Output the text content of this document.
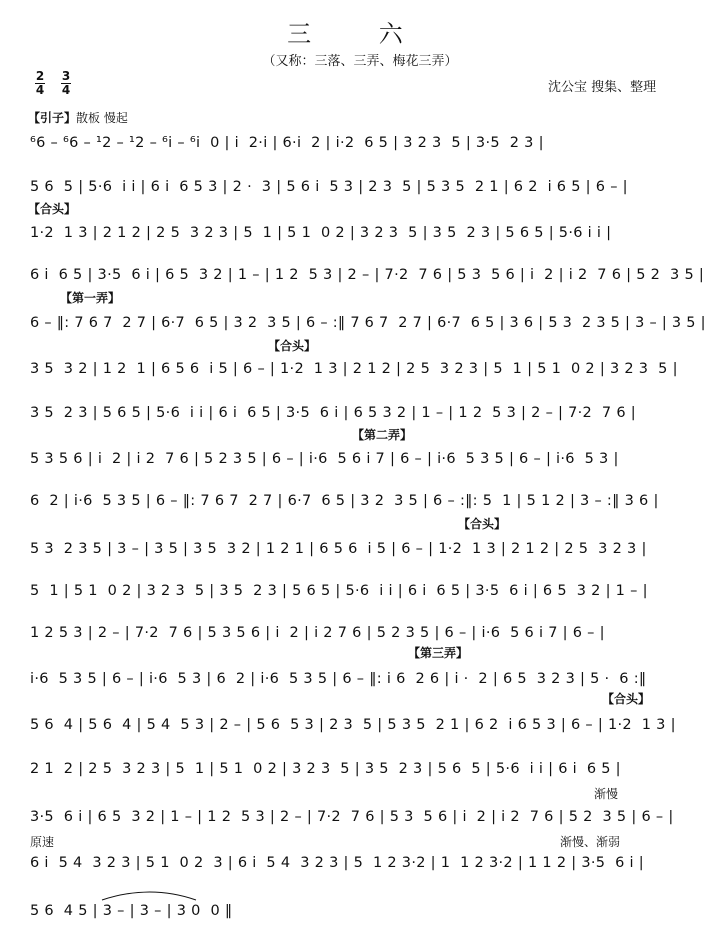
三 六
（又称：三落、三弄、梅花三弄）
2
4
3
4	沈公宝 搜集、整理
【引子】散板 慢起
【合头】
【第一弄】
【合头】
【第二弄】
【合头】
【第三弄】
【合头】
渐慢
原速	渐慢、渐弱
⁶6 – ⁶6 – ¹2 – ¹2 – ⁶i – ⁶i  0 | i  2·i | 6·i  2 | i·2  6 5 | 3 2 3  5 | 3·5  2 3 |
5 6  5 | 5·6  i i | 6 i  6 5 3 | 2 ·  3 | 5 6 i  5 3 | 2 3  5 | 5 3 5  2 1 | 6 2  i 6 5 | 6 – |
1·2  1 3 | 2 1 2 | 2 5  3 2 3 | 5  1 | 5 1  0 2 | 3 2 3  5 | 3 5  2 3 | 5 6 5 | 5·6 i i |
6 i  6 5 | 3·5  6 i | 6 5  3 2 | 1 – | 1 2  5 3 | 2 – | 7·2  7 6 | 5 3  5 6 | i  2 | i 2  7 6 | 5 2  3 5 |
6 – ‖: 7 6 7  2 7 | 6·7  6 5 | 3 2  3 5 | 6 – :‖ 7 6 7  2 7 | 6·7  6 5 | 3 6 | 5 3  2 3 5 | 3 – | 3 5 |
3 5  3 2 | 1 2  1 | 6 5 6  i 5 | 6 – | 1·2  1 3 | 2 1 2 | 2 5  3 2 3 | 5  1 | 5 1  0 2 | 3 2 3  5 |
3 5  2 3 | 5 6 5 | 5·6  i i | 6 i  6 5 | 3·5  6 i | 6 5 3 2 | 1 – | 1 2  5 3 | 2 – | 7·2  7 6 |
5 3 5 6 | i  2 | i 2  7 6 | 5 2 3 5 | 6 – | i·6  5 6 i 7 | 6 – | i·6  5 3 5 | 6 – | i·6  5 3 |
6  2 | i·6  5 3 5 | 6 – ‖: 7 6 7  2 7 | 6·7  6 5 | 3 2  3 5 | 6 – :‖: 5  1 | 5 1 2 | 3 – :‖ 3 6 |
5 3  2 3 5 | 3 – | 3 5 | 3 5  3 2 | 1 2 1 | 6 5 6  i 5 | 6 – | 1·2  1 3 | 2 1 2 | 2 5  3 2 3 |
5  1 | 5 1  0 2 | 3 2 3  5 | 3 5  2 3 | 5 6 5 | 5·6  i i | 6 i  6 5 | 3·5  6 i | 6 5  3 2 | 1 – |
1 2 5 3 | 2 – | 7·2  7 6 | 5 3 5 6 | i  2 | i 2 7 6 | 5 2 3 5 | 6 – | i·6  5 6 i 7 | 6 – |
i·6  5 3 5 | 6 – | i·6  5 3 | 6  2 | i·6  5 3 5 | 6 – ‖: i 6  2 6 | i ·  2 | 6 5  3 2 3 | 5 ·  6 :‖
5 6  4 | 5 6  4 | 5 4  5 3 | 2 – | 5 6  5 3 | 2 3  5 | 5 3 5  2 1 | 6 2  i 6 5 3 | 6 – | 1·2  1 3 |
2 1  2 | 2 5  3 2 3 | 5  1 | 5 1  0 2 | 3 2 3  5 | 3 5  2 3 | 5 6  5 | 5·6  i i | 6 i  6 5 |
3·5  6 i | 6 5  3 2 | 1 – | 1 2  5 3 | 2 – | 7·2  7 6 | 5 3  5 6 | i  2 | i 2  7 6 | 5 2  3 5 | 6 – |
6 i  5 4  3 2 3 | 5 1  0 2  3 | 6 i  5 4  3 2 3 | 5  1 2 3·2 | 1  1 2 3·2 | 1 1 2 | 3·5  6 i |
5 6  4 5 | 3 – | 3 – | 3 0  0 ‖
